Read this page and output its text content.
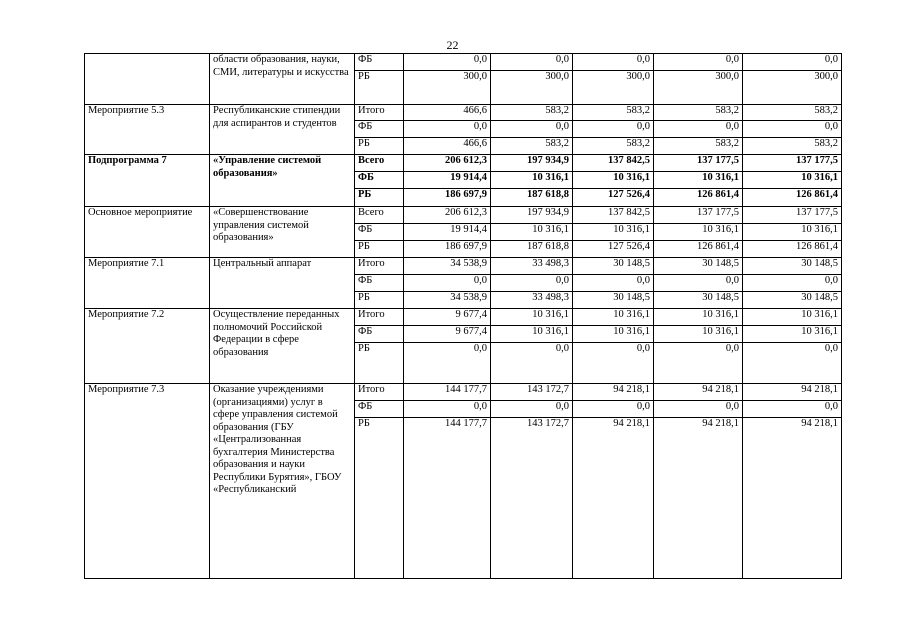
22
	области образования, науки, СМИ, литературы и искусства	ФБ	0,0	0,0	0,0	0,0	0,0
		РБ	300,0	300,0	300,0	300,0	300,0
Мероприятие 5.3	Республиканские стипендии для аспирантов и студентов	Итого	466,6	583,2	583,2	583,2	583,2
		ФБ	0,0	0,0	0,0	0,0	0,0
		РБ	466,6	583,2	583,2	583,2	583,2
Подпрограмма 7	«Управление системой образования»	Всего	206 612,3	197 934,9	137 842,5	137 177,5	137 177,5
		ФБ	19 914,4	10 316,1	10 316,1	10 316,1	10 316,1
		РБ	186 697,9	187 618,8	127 526,4	126 861,4	126 861,4
Основное мероприятие	«Совершенствование управления системой образования»	Всего	206 612,3	197 934,9	137 842,5	137 177,5	137 177,5
		ФБ	19 914,4	10 316,1	10 316,1	10 316,1	10 316,1
		РБ	186 697,9	187 618,8	127 526,4	126 861,4	126 861,4
Мероприятие 7.1	Центральный аппарат	Итого	34 538,9	33 498,3	30 148,5	30 148,5	30 148,5
		ФБ	0,0	0,0	0,0	0,0	0,0
		РБ	34 538,9	33 498,3	30 148,5	30 148,5	30 148,5
Мероприятие 7.2	Осуществление переданных полномочий Российской Федерации в сфере образования	Итого	9 677,4	10 316,1	10 316,1	10 316,1	10 316,1
		ФБ	9 677,4	10 316,1	10 316,1	10 316,1	10 316,1
		РБ	0,0	0,0	0,0	0,0	0,0
Мероприятие 7.3	Оказание учреждениями (организациями) услуг в сфере управления системой образования (ГБУ «Централизованная бухгалтерия Министерства образования и науки Республики Бурятия», ГБОУ «Республиканский	Итого	144 177,7	143 172,7	94 218,1	94 218,1	94 218,1
		ФБ	0,0	0,0	0,0	0,0	0,0
		РБ	144 177,7	143 172,7	94 218,1	94 218,1	94 218,1
